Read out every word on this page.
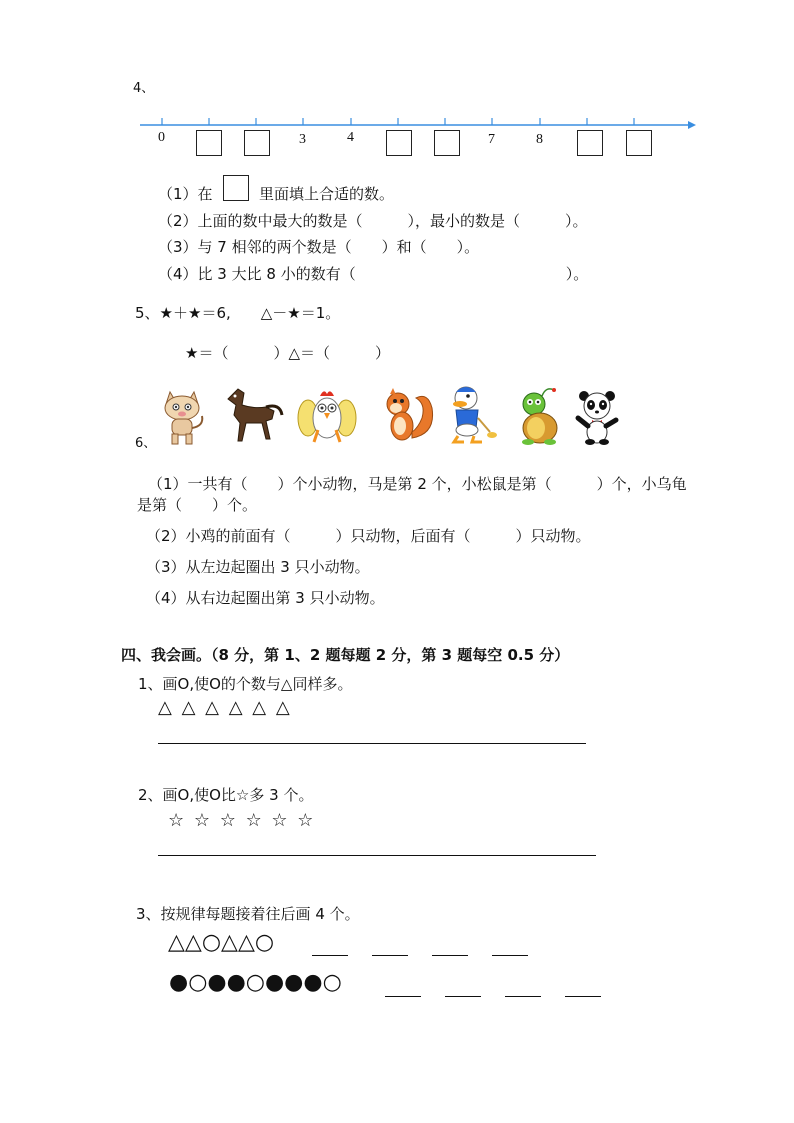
4、
0	3	4	7	8
（1）在	里面填上合适的数。
（2）上面的数中最大的数是（　　　），最小的数是（　　　）。
（3）与 7 相邻的两个数是（　　）和（　　）。
（4）比 3 大比 8 小的数有（　　　　　　　　　　　　　　）。
5、★＋★＝6,　　△－★＝1。
★＝（　　　）△＝（　　　）
6、
（1）一共有（　　）个小动物，马是第 2 个，小松鼠是第（　　　）个，小乌龟
是第（　　）个。
（2）小鸡的前面有（　　　）只动物，后面有（　　　）只动物。
（3）从左边起圈出 3 只小动物。
（4）从右边起圈出第 3 只小动物。
四、我会画。（8 分，第 1、2 题每题 2 分，第 3 题每空 0.5 分）
1、画O,使O的个数与△同样多。
△ △ △ △ △ △
2、画O,使O比☆多 3 个。
☆ ☆ ☆ ☆ ☆ ☆
3、按规律每题接着往后画 4 个。
△△○△△○
●○●●○●●●○
